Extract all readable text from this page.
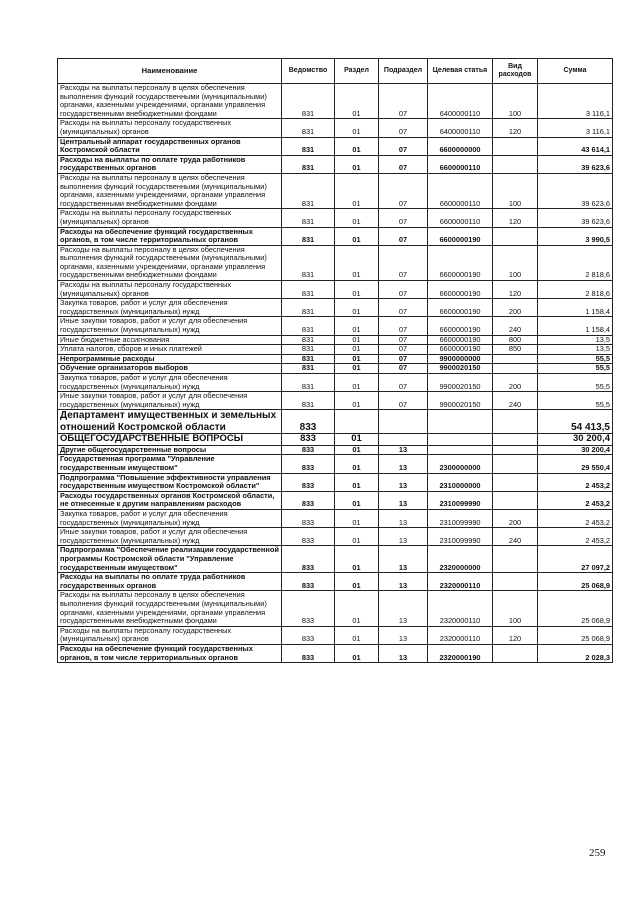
Наименование	Ведомство	Раздел	Подраздел	Целевая статья	Вид расходов	Сумма
Расходы на выплаты персоналу в целях обеспечения выполнения функций государственными (муниципальными) органами, казенными учреждениями, органами управления государственными внебюджетными фондами	831	01	07	6400000110	100	3 116,1
Расходы на выплаты персоналу государственных (муниципальных) органов	831	01	07	6400000110	120	3 116,1
Центральный аппарат государственных органов Костромской области	831	01	07	6600000000		43 614,1
Расходы на выплаты по оплате труда работников государственных органов	831	01	07	6600000110		39 623,6
Расходы на выплаты персоналу в целях обеспечения выполнения функций государственными (муниципальными) органами, казенными учреждениями, органами управления государственными внебюджетными фондами	831	01	07	6600000110	100	39 623,6
Расходы на выплаты персоналу государственных (муниципальных) органов	831	01	07	6600000110	120	39 623,6
Расходы на обеспечение функций государственных органов, в том числе территориальных органов	831	01	07	6600000190		3 990,5
Расходы на выплаты персоналу в целях обеспечения выполнения функций государственными (муниципальными) органами, казенными учреждениями, органами управления государственными внебюджетными фондами	831	01	07	6600000190	100	2 818,6
Расходы на выплаты персоналу государственных (муниципальных) органов	831	01	07	6600000190	120	2 818,6
Закупка товаров, работ и услуг для обеспечения государственных (муниципальных) нужд	831	01	07	6600000190	200	1 158,4
Иные закупки товаров, работ и услуг для обеспечения государственных (муниципальных) нужд	831	01	07	6600000190	240	1 158,4
Иные бюджетные ассигнования	831	01	07	6600000190	800	13,5
Уплата налогов, сборов и иных платежей	831	01	07	6600000190	850	13,5
Непрограммные расходы	831	01	07	9900000000		55,5
Обучение организаторов выборов	831	01	07	9900020150		55,5
Закупка товаров, работ и услуг для обеспечения государственных (муниципальных) нужд	831	01	07	9900020150	200	55,5
Иные закупки товаров, работ и услуг для обеспечения государственных (муниципальных) нужд	831	01	07	9900020150	240	55,5
Департамент имущественных и земельных отношений Костромской области	833					54 413,5
ОБЩЕГОСУДАРСТВЕННЫЕ ВОПРОСЫ	833	01				30 200,4
Другие общегосударственные вопросы	833	01	13			30 200,4
Государственная программа "Управление государственным имуществом"	833	01	13	2300000000		29 550,4
Подпрограмма "Повышение эффективности управления государственным имуществом Костромской области"	833	01	13	2310000000		2 453,2
Расходы государственных органов Костромской области, не отнесенные к другим направлениям расходов	833	01	13	2310099990		2 453,2
Закупка товаров, работ и услуг для обеспечения государственных (муниципальных) нужд	833	01	13	2310099990	200	2 453,2
Иные закупки товаров, работ и услуг для обеспечения государственных (муниципальных) нужд	833	01	13	2310099990	240	2 453,2
Подпрограмма "Обеспечение реализации государственной программы Костромской области "Управление государственным имуществом"	833	01	13	2320000000		27 097,2
Расходы на выплаты по оплате труда работников государственных органов	833	01	13	2320000110		25 068,9
Расходы на выплаты персоналу в целях обеспечения выполнения функций государственными (муниципальными) органами, казенными учреждениями, органами управления государственными внебюджетными фондами	833	01	13	2320000110	100	25 068,9
Расходы на выплаты персоналу государственных (муниципальных) органов	833	01	13	2320000110	120	25 068,9
Расходы на обеспечение функций государственных органов, в том числе территориальных органов	833	01	13	2320000190		2 028,3
259
